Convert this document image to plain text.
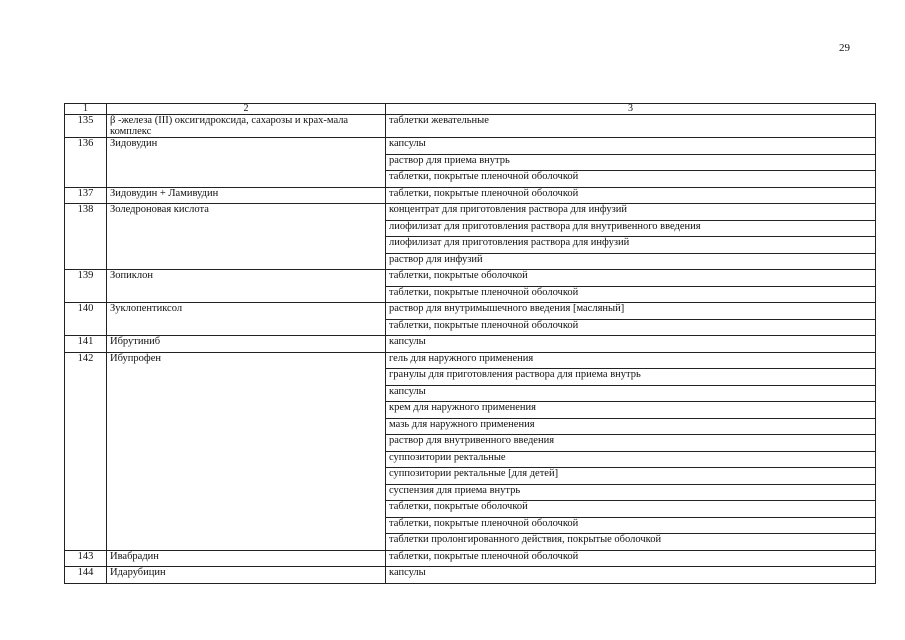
29
1	2	3
135	β -железа (III) оксигидроксида, сахарозы и крах-мала комплекс	таблетки жевательные
136	Зидовудин	капсулы
		раствор для приема внутрь
		таблетки, покрытые пленочной оболочкой
137	Зидовудин + Ламивудин	таблетки, покрытые пленочной оболочкой
138	Золедроновая кислота	концентрат для приготовления раствора для инфузий
		лиофилизат для приготовления раствора для внутривенного введения
		лиофилизат для приготовления раствора для инфузий
		раствор для инфузий
139	Зопиклон	таблетки, покрытые оболочкой
		таблетки, покрытые пленочной оболочкой
140	Зуклопентиксол	раствор для внутримышечного введения [масляный]
		таблетки, покрытые пленочной оболочкой
141	Ибрутиниб	капсулы
142	Ибупрофен	гель для наружного применения
		гранулы для приготовления раствора для приема внутрь
		капсулы
		крем для наружного применения
		мазь для наружного применения
		раствор для внутривенного введения
		суппозитории ректальные
		суппозитории ректальные [для детей]
		суспензия для приема внутрь
		таблетки, покрытые оболочкой
		таблетки, покрытые пленочной оболочкой
		таблетки пролонгированного действия, покрытые оболочкой
143	Ивабрадин	таблетки, покрытые пленочной оболочкой
144	Идарубицин	капсулы
